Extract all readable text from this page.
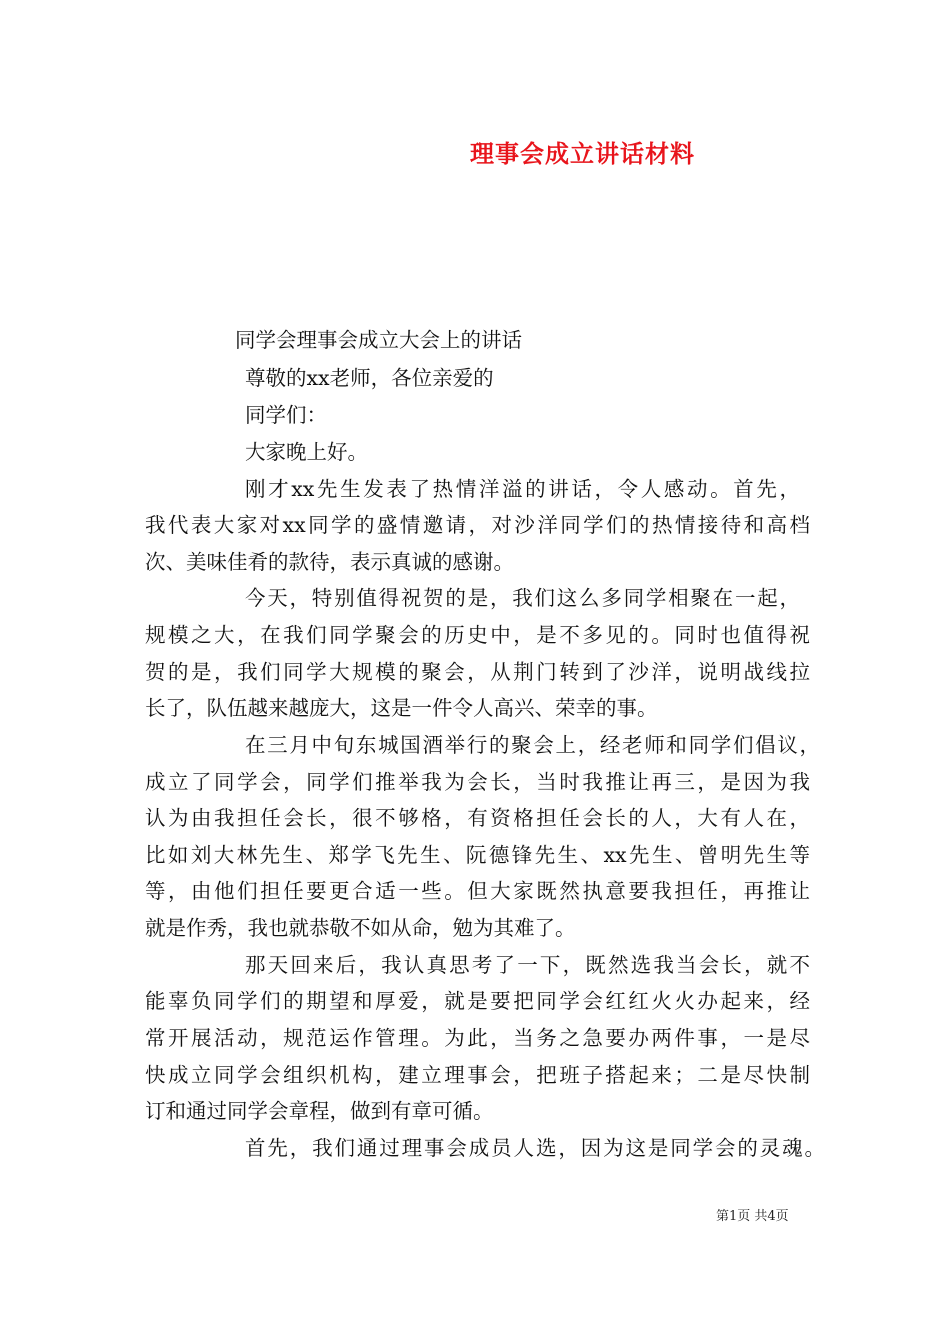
理事会成立讲话材料

同学会理事会成立大会上的讲话

尊敬的xx老师，各位亲爱的

同学们：

大家晚上好。

刚才xx先生发表了热情洋溢的讲话，令人感动。首先，

我代表大家对xx同学的盛情邀请，对沙洋同学们的热情接待和高档

次、美味佳肴的款待，表示真诚的感谢。

今天，特别值得祝贺的是，我们这么多同学相聚在一起，

规模之大，在我们同学聚会的历史中，是不多见的。同时也值得祝

贺的是，我们同学大规模的聚会，从荆门转到了沙洋，说明战线拉

长了，队伍越来越庞大，这是一件令人高兴、荣幸的事。

在三月中旬东城国酒举行的聚会上，经老师和同学们倡议，

成立了同学会，同学们推举我为会长，当时我推让再三，是因为我

认为由我担任会长，很不够格，有资格担任会长的人，大有人在，

比如刘大林先生、郑学飞先生、阮德锋先生、xx先生、曾明先生等

等，由他们担任要更合适一些。但大家既然执意要我担任，再推让

就是作秀，我也就恭敬不如从命，勉为其难了。

那天回来后，我认真思考了一下，既然选我当会长，就不

能辜负同学们的期望和厚爱，就是要把同学会红红火火办起来，经

常开展活动，规范运作管理。为此，当务之急要办两件事，一是尽

快成立同学会组织机构，建立理事会，把班子搭起来；二是尽快制

订和通过同学会章程，做到有章可循。

首先，我们通过理事会成员人选，因为这是同学会的灵魂。

第1页 共4页
